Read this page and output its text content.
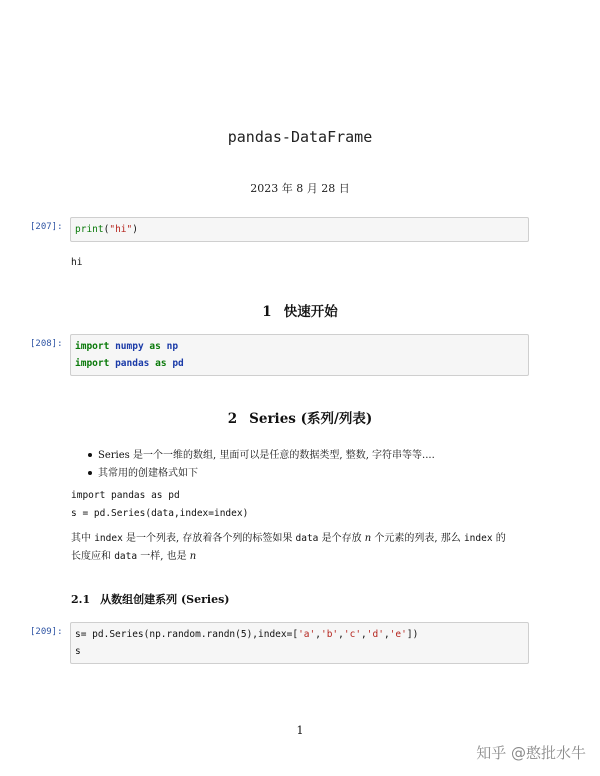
pandas-DataFrame
2023 年 8 月 28 日
[207]: print("hi")
hi
1 快速开始
[208]: import numpy as np
import pandas as pd
2 Series (系列/列表)
Series 是一个一维的数组, 里面可以是任意的数据类型, 整数, 字符串等等....
其常用的创建格式如下
import pandas as pd
s = pd.Series(data,index=index)
其中 index 是一个列表, 存放着各个列的标签如果 data 是个存放 n 个元素的列表, 那么 index 的
长度应和 data 一样, 也是 n
2.1 从数组创建系列 (Series)
[209]: s= pd.Series(np.random.randn(5),index=['a','b','c','d','e'])
s
1
知乎 @憨批水牛
